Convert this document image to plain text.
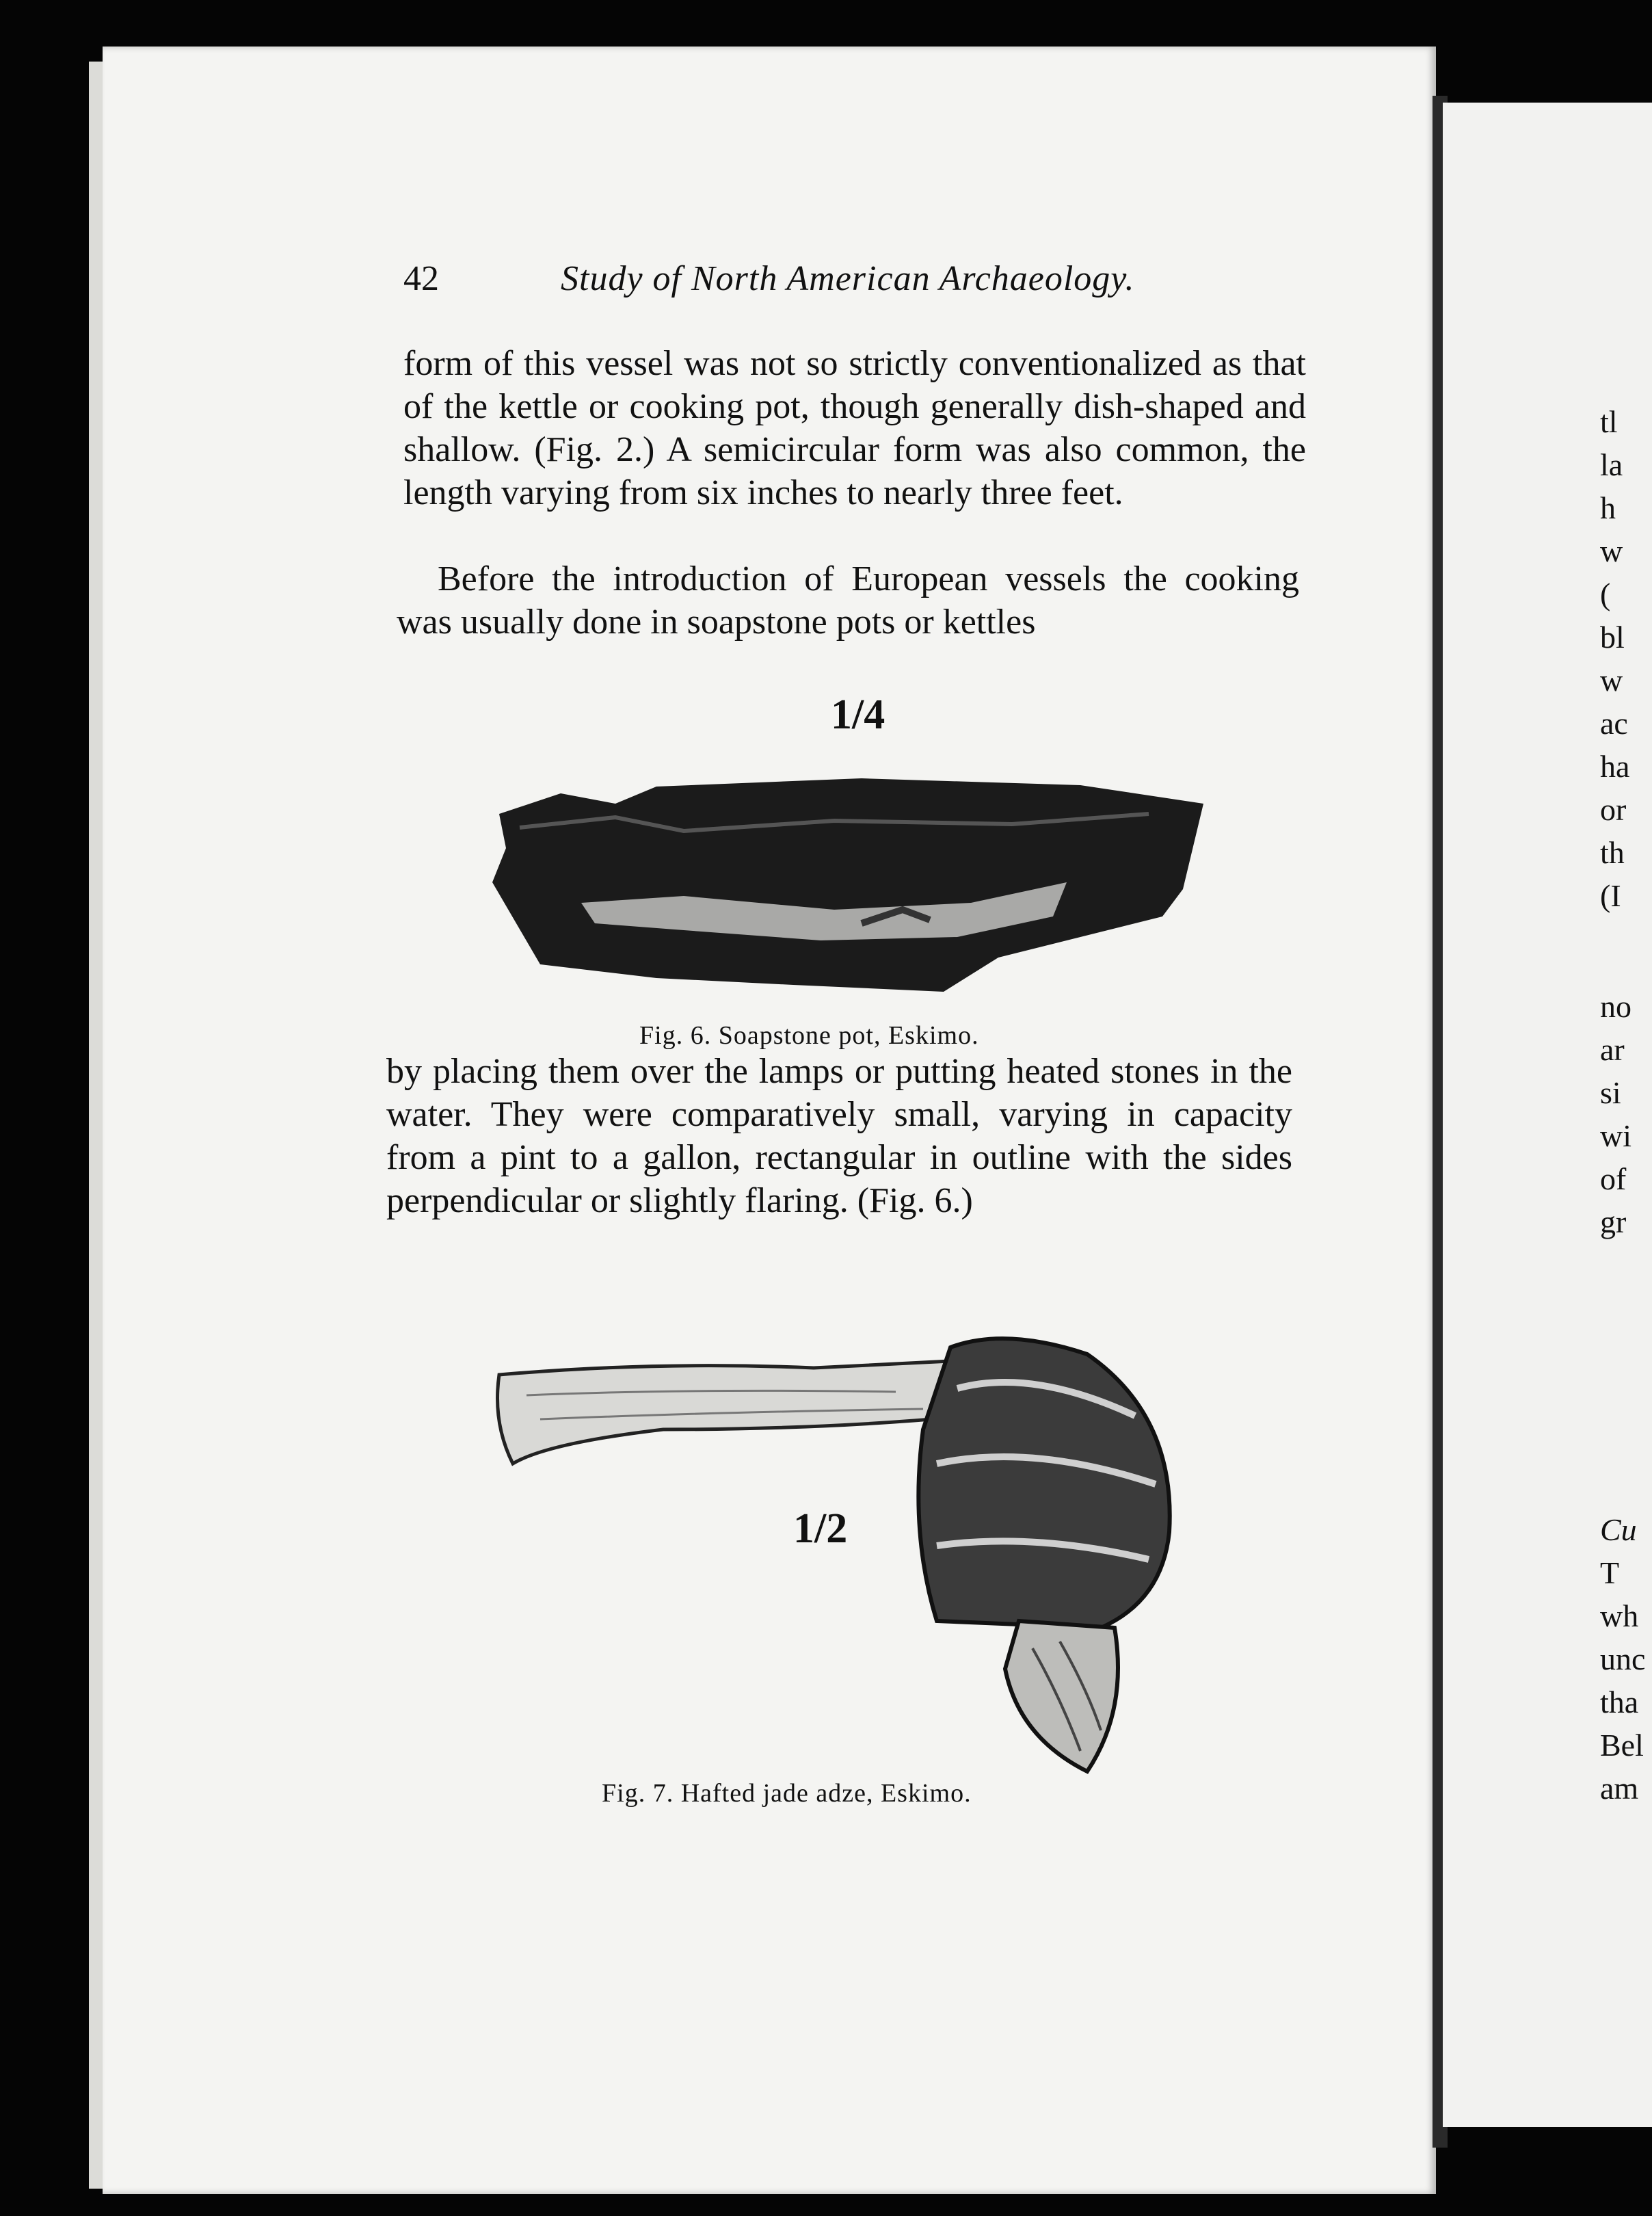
42	Study of North American Archaeology.
form of this vessel was not so strictly conventionalized as that of the kettle or cooking pot, though generally dish-shaped and shallow. (Fig. 2.) A semicircular form was also common, the length varying from six inches to nearly three feet.
Before the introduction of European vessels the cooking was usually done in soapstone pots or kettles
1/4
Fig. 6. Soapstone pot, Eskimo.
by placing them over the lamps or putting heated stones in the water. They were comparatively small, varying in capacity from a pint to a gallon, rectangular in outline with the sides perpendicular or slightly flaring. (Fig. 6.)
1/2
Fig. 7. Hafted jade adze, Eskimo.
tl
la
h
w
(
bl
w
ac
ha
or
th
(I
no
ar
si
wi
of
gr
Cu
T
wh
unc
tha
Bel
am
